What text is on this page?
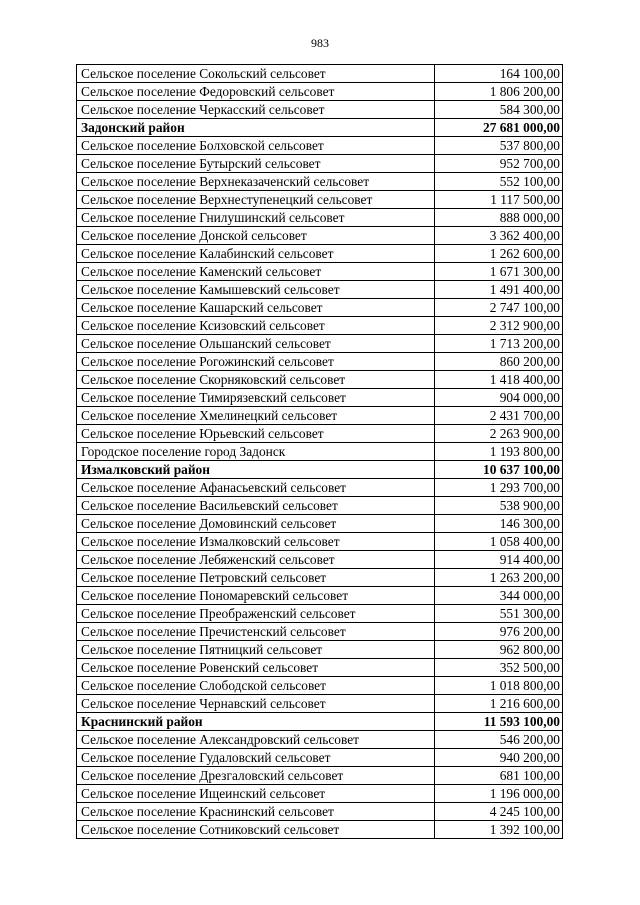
983
Сельское поселение Сокольский сельсовет	164 100,00
Сельское поселение Федоровский сельсовет	1 806 200,00
Сельское поселение Черкасский сельсовет	584 300,00
Задонский район	27 681 000,00
Сельское поселение Болховской сельсовет	537 800,00
Сельское поселение Бутырский сельсовет	952 700,00
Сельское поселение Верхнеказаченский сельсовет	552 100,00
Сельское поселение Верхнеступенецкий сельсовет	1 117 500,00
Сельское поселение Гнилушинский сельсовет	888 000,00
Сельское поселение Донской сельсовет	3 362 400,00
Сельское поселение Калабинский сельсовет	1 262 600,00
Сельское поселение Каменский сельсовет	1 671 300,00
Сельское поселение Камышевский сельсовет	1 491 400,00
Сельское поселение Кашарский сельсовет	2 747 100,00
Сельское поселение Ксизовский сельсовет	2 312 900,00
Сельское поселение Ольшанский сельсовет	1 713 200,00
Сельское поселение Рогожинский сельсовет	860 200,00
Сельское поселение Скорняковский сельсовет	1 418 400,00
Сельское поселение Тимирязевский сельсовет	904 000,00
Сельское поселение Хмелинецкий сельсовет	2 431 700,00
Сельское поселение Юрьевский сельсовет	2 263 900,00
Городское поселение город Задонск	1 193 800,00
Измалковский район	10 637 100,00
Сельское поселение Афанасьевский сельсовет	1 293 700,00
Сельское поселение Васильевский сельсовет	538 900,00
Сельское поселение Домовинский сельсовет	146 300,00
Сельское поселение Измалковский сельсовет	1 058 400,00
Сельское поселение Лебяженский сельсовет	914 400,00
Сельское поселение Петровский сельсовет	1 263 200,00
Сельское поселение Пономаревский сельсовет	344 000,00
Сельское поселение Преображенский сельсовет	551 300,00
Сельское поселение Пречистенский сельсовет	976 200,00
Сельское поселение Пятницкий сельсовет	962 800,00
Сельское поселение Ровенский сельсовет	352 500,00
Сельское поселение Слободской сельсовет	1 018 800,00
Сельское поселение Чернавский сельсовет	1 216 600,00
Краснинский район	11 593 100,00
Сельское поселение Александровский сельсовет	546 200,00
Сельское поселение Гудаловский сельсовет	940 200,00
Сельское поселение Дрезгаловский сельсовет	681 100,00
Сельское поселение Ищеинский сельсовет	1 196 000,00
Сельское поселение Краснинский сельсовет	4 245 100,00
Сельское поселение Сотниковский сельсовет	1 392 100,00
